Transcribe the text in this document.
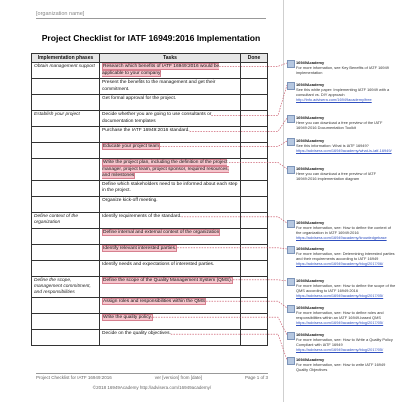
[organization name]
Project Checklist for IATF 16949:2016 Implementation
Implementation phases	Tasks	Done
Obtain management support	Research which benefits of IATF 16949:2016 would be applicable to your company	

	Present the benefits to the management and get their commitment.	

	Get formal approval for the project.	

Establish your project	Decide whether you are going to use consultants or documentation templates	

	Purchase the IATF 16949:2016 standard.	

	Educate your project team	

	Write the project plan, including the definition of the project manager, project team, project sponsor, required resources, and milestones	

	Define which stakeholders need to be informed about each step in the project.	

	Organize kick-off meeting.	

Define context of the organization	Identify requirements of the standard.	

	Define internal and external context of the organization	

	Identify relevant interested parties.	

	Identify needs and expectations of interested parties.	

Define the scope, management commitment, and responsibilities	Define the scope of the Quality Management System (QMS).	

	Assign roles and responsibilities within the QMS	

	Write the quality policy.	

	Decide on the quality objectives.	

Project Checklist for IATF 16949:2016	ver [version] from [date]	Page 1 of 3
©2018 16949Academy http://advisera.com/16949academy/
16949Academy
For more information, see Key Benefits of IATF 16949 implementation
16949Academy
See this white paper: Implementing IATF 16949 with a consultant vs. DIY approach
http://info.advisera.com/16949academy/free
16949Academy
Here you can download a free preview of the IATF 16949:2016 Documentation Toolkit
16949Academy
See this information: What is IATF 16949?
https://advisera.com/16949academy/what-is-iatf-16949/
16949Academy
Here you can download a free preview of IATF 16949:2016 implementation diagram
16949Academy
For more information, see: How to define the context of the organization in IATF 16949:2016
https://advisera.com/16949academy/knowledgebase
16949Academy
For more information, see: Determining interested parties and their requirements according to IATF 16949
https://advisera.com/16949academy/blog/2017/06/
16949Academy
For more information, see: How to define the scope of the QMS according to IATF 16949:2016
https://advisera.com/16949academy/blog/2017/05/
16949Academy
For more information, see: How to define roles and responsibilities within an IATF 16949-based QMS
https://advisera.com/16949academy/blog/2017/05/
16949Academy
For more information, see: How to Write a Quality Policy Compliant with IATF 16949
https://advisera.com/16949academy/blog/2017/05/
16949Academy
For more information, see: How to write IATF 16949 Quality Objectives
